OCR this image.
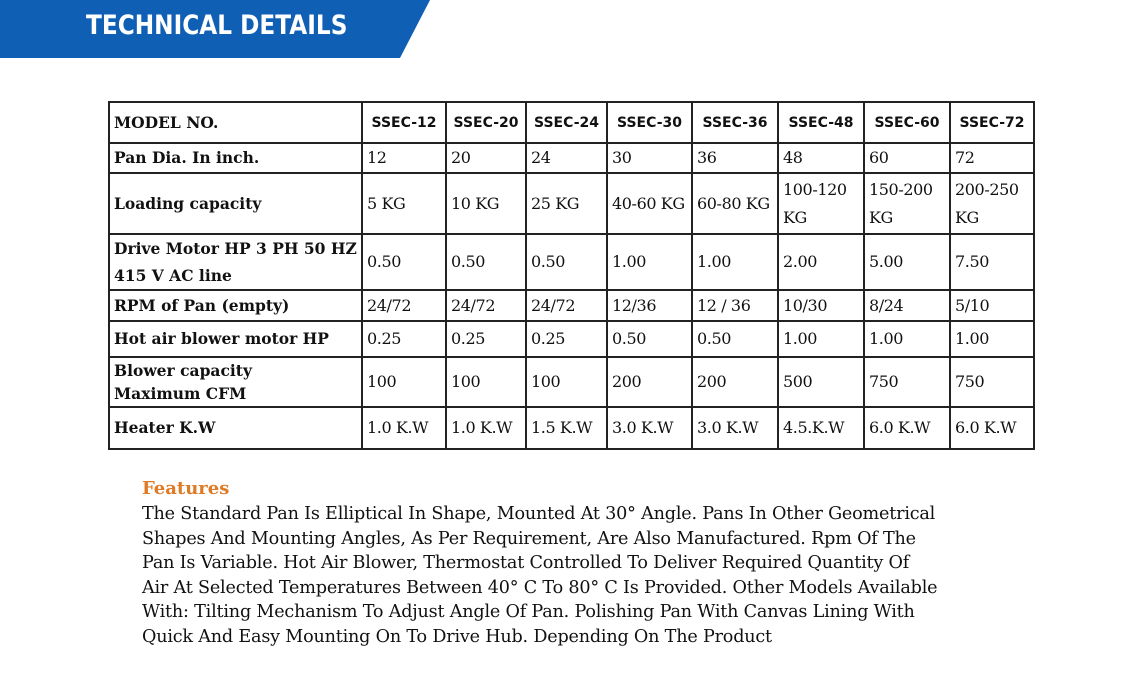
TECHNICAL DETAILS
MODEL NO.	SSEC-12	SSEC-20	SSEC-24	SSEC-30	SSEC-36	SSEC-48	SSEC-60	SSEC-72
Pan Dia. In inch.	12	20	24	30	36	48	60	72
Loading capacity	5 KG	10 KG	25 KG	40-60 KG	60-80 KG	100-120 KG	150-200 KG	200-250 KG
Drive Motor HP 3 PH 50 HZ 415 V AC line	0.50	0.50	0.50	1.00	1.00	2.00	5.00	7.50
RPM of Pan (empty)	24/72	24/72	24/72	12/36	12 / 36	10/30	8/24	5/10
Hot air blower motor HP	0.25	0.25	0.25	0.50	0.50	1.00	1.00	1.00
Blower capacity Maximum CFM	100	100	100	200	200	500	750	750
Heater K.W	1.0 K.W	1.0 K.W	1.5 K.W	3.0 K.W	3.0 K.W	4.5.K.W	6.0 K.W	6.0 K.W
Features
The Standard Pan Is Elliptical In Shape, Mounted At 30° Angle. Pans In Other Geometrical
Shapes And Mounting Angles, As Per Requirement, Are Also Manufactured. Rpm Of The
Pan Is Variable. Hot Air Blower, Thermostat Controlled To Deliver Required Quantity Of
Air At Selected Temperatures Between 40° C To 80° C Is Provided. Other Models Available
With: Tilting Mechanism To Adjust Angle Of Pan. Polishing Pan With Canvas Lining With
Quick And Easy Mounting On To Drive Hub. Depending On The Product
